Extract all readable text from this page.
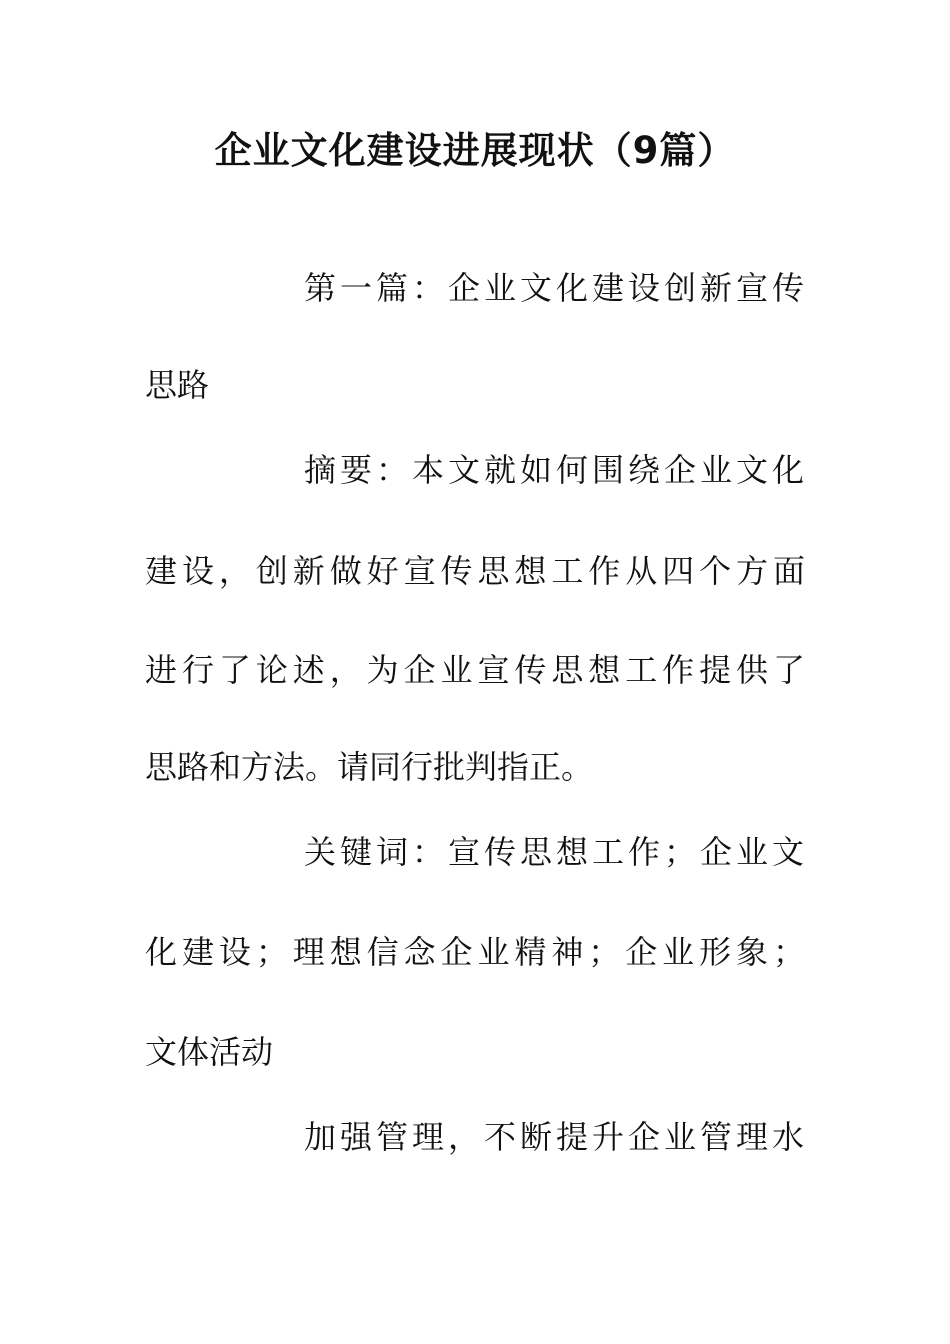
企业文化建设进展现状（9篇）
第一篇：企业文化建设创新宣传
思路
摘要：本文就如何围绕企业文化
建设，创新做好宣传思想工作从四个方面
进行了论述，为企业宣传思想工作提供了
思路和方法。请同行批判指正。
关键词：宣传思想工作；企业文
化建设；理想信念企业精神；企业形象；
文体活动
加强管理，不断提升企业管理水
